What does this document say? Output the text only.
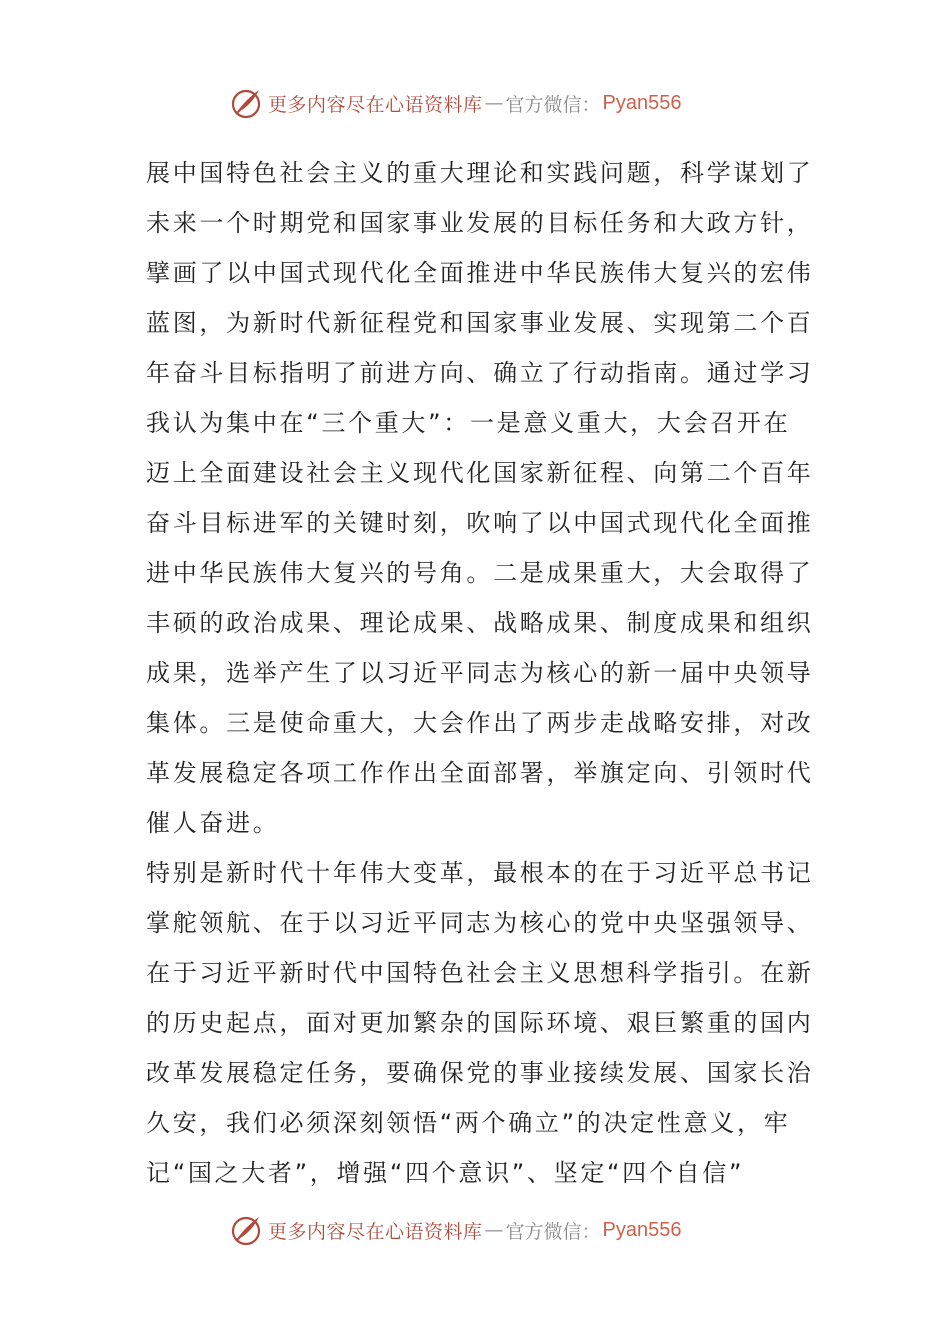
更多内容尽在心语资料库 — 官方微信： Pyan556
展中国特色社会主义的重大理论和实践问题，科学谋划了
未来一个时期党和国家事业发展的目标任务和大政方针，
擘画了以中国式现代化全面推进中华民族伟大复兴的宏伟
蓝图，为新时代新征程党和国家事业发展、实现第二个百
年奋斗目标指明了前进方向、确立了行动指南。通过学习
我认为集中在“三个重大”：一是意义重大，大会召开在
迈上全面建设社会主义现代化国家新征程、向第二个百年
奋斗目标进军的关键时刻，吹响了以中国式现代化全面推
进中华民族伟大复兴的号角。二是成果重大，大会取得了
丰硕的政治成果、理论成果、战略成果、制度成果和组织
成果，选举产生了以习近平同志为核心的新一届中央领导
集体。三是使命重大，大会作出了两步走战略安排，对改
革发展稳定各项工作作出全面部署，举旗定向、引领时代
催人奋进。
特别是新时代十年伟大变革，最根本的在于习近平总书记
掌舵领航、在于以习近平同志为核心的党中央坚强领导、
在于习近平新时代中国特色社会主义思想科学指引。在新
的历史起点，面对更加繁杂的国际环境、艰巨繁重的国内
改革发展稳定任务，要确保党的事业接续发展、国家长治
久安，我们必须深刻领悟“两个确立”的决定性意义，牢
记“国之大者”，增强“四个意识”、坚定“四个自信”
更多内容尽在心语资料库 — 官方微信： Pyan556
